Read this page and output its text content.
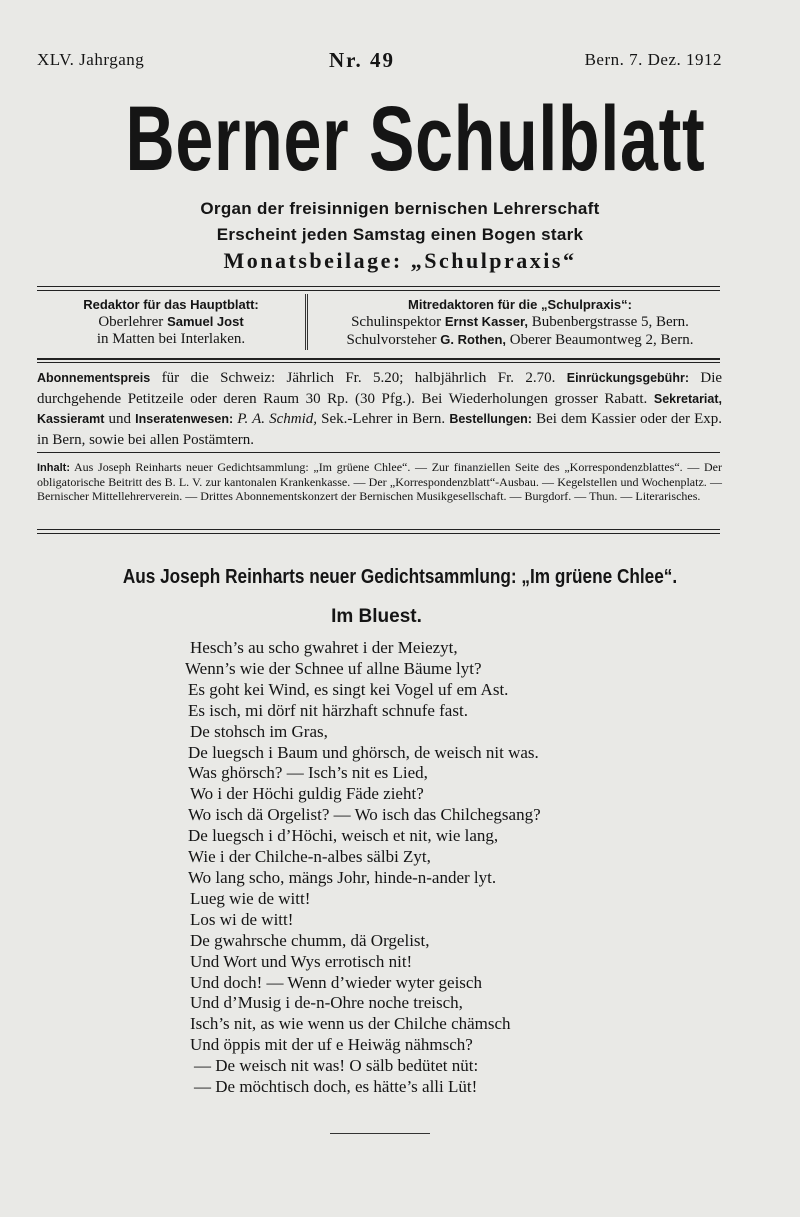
XLV. Jahrgang	Nr. 49	Bern. 7. Dez. 1912
Berner Schulblatt
Organ der freisinnigen bernischen Lehrerschaft
Erscheint jeden Samstag einen Bogen stark
Monatsbeilage: „Schulpraxis“
Redaktor für das Hauptblatt:
Oberlehrer Samuel Jost
in Matten bei Interlaken.
Mitredaktoren für die „Schulpraxis“:
Schulinspektor Ernst Kasser, Bubenbergstrasse 5, Bern.
Schulvorsteher G. Rothen, Oberer Beaumontweg 2, Bern.
Abonnementspreis für die Schweiz: Jährlich Fr. 5.20; halbjährlich Fr. 2.70. Einrückungsgebühr: Die durchgehende Petitzeile oder deren Raum 30 Rp. (30 Pfg.). Bei Wiederholungen grosser Rabatt. Sekretariat, Kassieramt und Inseratenwesen: P. A. Schmid, Sek.-Lehrer in Bern. Bestellungen: Bei dem Kassier oder der Exp. in Bern, sowie bei allen Postämtern.
Inhalt: Aus Joseph Reinharts neuer Gedichtsammlung: „Im grüene Chlee“. — Zur finanziellen Seite des „Korrespondenzblattes“. — Der obligatorische Beitritt des B. L. V. zur kantonalen Krankenkasse. — Der „Korrespondenzblatt“-Ausbau. — Kegelstellen und Wochenplatz. — Bernischer Mittellehrerverein. — Drittes Abonnementskonzert der Bernischen Musikgesellschaft. — Burgdorf. — Thun. — Literarisches.
Aus Joseph Reinharts neuer Gedichtsammlung: „Im grüene Chlee“.
Im Bluest.
Hesch’s au scho gwahret i der Meiezyt,
Wenn’s wie der Schnee uf allne Bäume lyt?
Es goht kei Wind, es singt kei Vogel uf em Ast.
Es isch, mi dörf nit härzhaft schnufe fast.
De stohsch im Gras,
De luegsch i Baum und ghörsch, de weisch nit was.
Was ghörsch? — Isch’s nit es Lied,
Wo i der Höchi guldig Fäde zieht?
Wo isch dä Orgelist? — Wo isch das Chilchegsang?
De luegsch i d’Höchi, weisch et nit, wie lang,
Wie i der Chilche-n-albes sälbi Zyt,
Wo lang scho, mängs Johr, hinde-n-ander lyt.
Lueg wie de witt!
Los wi de witt!
De gwahrsche chumm, dä Orgelist,
Und Wort und Wys errotisch nit!
Und doch! — Wenn d’wieder wyter geisch
Und d’Musig i de-n-Ohre noche treisch,
Isch’s nit, as wie wenn us der Chilche chämsch
Und öppis mit der uf e Heiwäg nähmsch?
— De weisch nit was! O sälb bedütet nüt:
— De möchtisch doch, es hätte’s alli Lüt!
